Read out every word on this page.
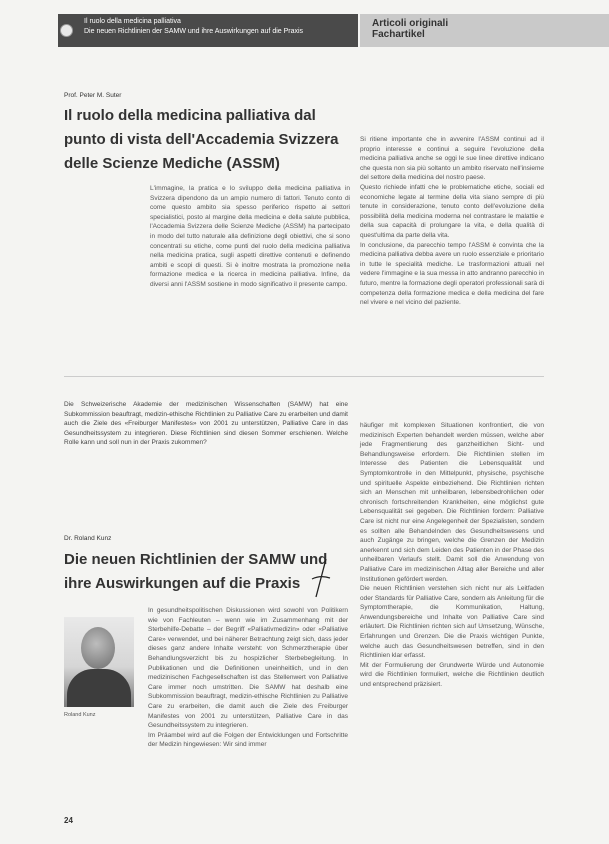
Il ruolo della medicina palliativa
Die neuen Richtlinien der SAMW und ihre Auswirkungen auf die Praxis
Articoli originali
Fachartikel
Prof. Peter M. Suter
Il ruolo della medicina palliativa dal punto di vista dell'Accademia Svizzera delle Scienze Mediche (ASSM)

L'immagine, la pratica e lo sviluppo della medicina palliativa in Svizzera dipendono da un ampio numero di fattori. Tenuto conto di come questo ambito sia spesso periferico rispetto ai settori specialistici, posto al margine della medicina e della salute pubblica, l'Accademia Svizzera delle Scienze Mediche (ASSM) ha partecipato in modo del tutto naturale alla definizione degli obiettivi, che si sono concentrati su etiche, come punti del ruolo della medicina palliativa nella medicina pratica, sugli aspetti direttive contenuti e definendo ambiti e scopi di questi. Si è inoltre mostrata la promozione nella formazione medica e la ricerca in medicina palliativa. Infine, da diversi anni l'ASSM sostiene in modo significativo il presente campo.

Si ritiene importante che in avvenire l'ASSM continui ad il proprio interesse e continui a seguire l'evoluzione della medicina palliativa anche se oggi le sue linee direttive indicano che questa non sia più soltanto un ambito riservato nell'insieme del settore della medicina del nostro paese.
Questo richiede infatti che le problematiche etiche, sociali ed economiche legate al termine della vita siano sempre di più tenute in considerazione, tenuto conto dell'evoluzione della possibilità della medicina moderna nel contrastare le malattie e della sua capacità di prolungare la vita, e della qualità di quest'ultima da parte della vita.
In conclusione, da parecchio tempo l'ASSM è convinta che la medicina palliativa debba avere un ruolo essenziale e prioritario in tutte le specialità mediche. Le trasformazioni attuali nel vedere l'immagine e la sua messa in atto andranno parecchio in futuro, mentre la formazione degli operatori professionali sarà di competenza della formazione medica e della medicina del fare nel vivere e nel vicino del paziente.

Die Schweizerische Akademie der medizinischen Wissenschaften (SAMW) hat eine Subkommission beauftragt, medizin-ethische Richtlinien zu Palliative Care zu erarbeiten und damit auch die Ziele des «Freiburger Manifestes» von 2001 zu unterstützen, Palliative Care in das Gesundheitssystem zu integrieren. Diese Richtlinien sind diesen Sommer erschienen. Welche Rolle kann und soll nun in der Praxis zukommen?

Dr. Roland Kunz
Die neuen Richtlinien der SAMW und ihre Auswirkungen auf die Praxis
Roland Kunz

In gesundheitspolitischen Diskussionen wird sowohl von Politikern wie von Fachleuten – wenn wie im Zusammenhang mit der Sterbehilfe-Debatte – der Begriff «Palliativmedizin» oder «Palliative Care» verwendet, und bei näherer Betrachtung zeigt sich, dass jeder dieses ganz andere Inhalte versteht: von Schmerztherapie über Behandlungsverzicht bis zu hospizlicher Sterbebegleitung. In Publikationen und die Definitionen uneinheitlich, und in den medizinischen Fachgesellschaften ist das Stellenwert von Palliative Care immer noch umstritten. Die SAMW hat deshalb eine Subkommission beauftragt, medizin-ethische Richtlinien zu Palliative Care zu erarbeiten, die damit auch die Ziele des Freiburger Manifestes von 2001 zu unterstützen, Palliative Care in das Gesundheitssystem zu integrieren.
Im Präambel wird auf die Folgen der Entwicklungen und Fortschritte der Medizin hingewiesen: Wir sind immer

häufiger mit komplexen Situationen konfrontiert, die von medizinisch Experten behandelt werden müssen, welche aber jede Fragmentierung des ganzheitlichen Sicht- und Behandlungsweise erfordern. Die Richtlinien stellen im Interesse des Patienten die Lebensqualität und Symptomkontrolle in den Mittelpunkt, physische, psychische und spirituelle Aspekte einbeziehend. Die Richtlinien richten sich an Menschen mit unheilbaren, lebensbedrohlichen oder chronisch fortschreitenden Krankheiten, eine möglichst gute Lebensqualität sei gegeben. Die Richtlinien fordern: Palliative Care ist nicht nur eine Angelegenheit der Spezialisten, sondern es sollten alle Behandelnden des Gesundheitswesens und auch Zugänge zu bringen, welche die Grenzen der Medizin anerkennt und sich dem Leiden des Patienten in der Phase des unheilbaren Verlaufs stellt. Damit soll die Anwendung von Palliative Care im medizinischen Alltag aller Bereiche und aller Institutionen gefördert werden.
Die neuen Richtlinien verstehen sich nicht nur als Leitfaden oder Standards für Palliative Care, sondern als Anleitung für die Symptomtherapie, die Kommunikation, Haltung, Anwendungsbereiche und Inhalte von Palliative Care sind erläutert. Die Richtlinien richten sich auf Umsetzung, Wünsche, Erfahrungen und Grenzen. Die die Praxis wichtigen Punkte, welche auch das Gesundheitswesen betreffen, sind in den Richtlinien klar erfasst.
Mit der Formulierung der Grundwerte Würde und Autonomie wird die Richtlinien formuliert, welche die Richtlinien deutlich und entsprechend präzisiert.

24
